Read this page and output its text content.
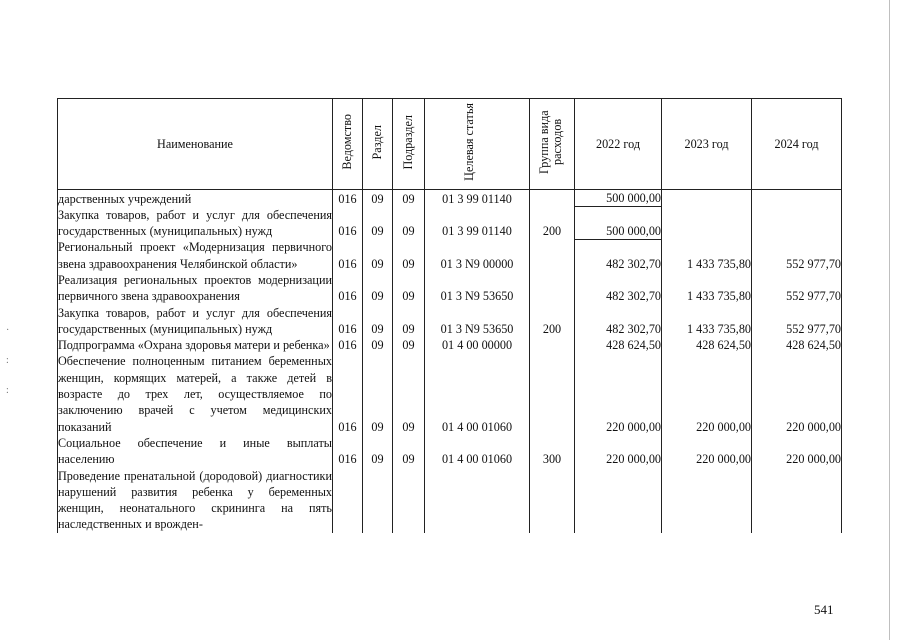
·
:
:
Наименование	Ведомство	Раздел	Подраздел	Целевая статья	Группа вида расходов	2022 год	2023 год	2024 год
дарственных учреждений	016	09	09	01 3 99 01140		500 000,00		
Закупка товаров, работ и услуг для обеспечения государственных (муниципальных) нужд	016	09	09	01 3 99 01140	200	500 000,00		
Региональный проект «Модернизация первичного звена здравоохранения Челябинской области»	016	09	09	01 3 N9 00000		482 302,70	1 433 735,80	552 977,70
Реализация региональных проектов модернизации первичного звена здравоохранения	016	09	09	01 3 N9 53650		482 302,70	1 433 735,80	552 977,70
Закупка товаров, работ и услуг для обеспечения государственных (муниципальных) нужд	016	09	09	01 3 N9 53650	200	482 302,70	1 433 735,80	552 977,70
Подпрограмма «Охрана здоровья матери и ребенка»	016	09	09	01 4 00 00000		428 624,50	428 624,50	428 624,50
Обеспечение полноценным питанием беременных женщин, кормящих матерей, а также детей в возрасте до трех лет, осуществляемое по заключению врачей с учетом медицинских показаний	016	09	09	01 4 00 01060		220 000,00	220 000,00	220 000,00
Социальное обеспечение и иные выплаты населению	016	09	09	01 4 00 01060	300	220 000,00	220 000,00	220 000,00
Проведение пренатальной (дородовой) диагностики нарушений развития ребенка у беременных женщин, неонатального скрининга на пять наследственных и врожден-								
541
